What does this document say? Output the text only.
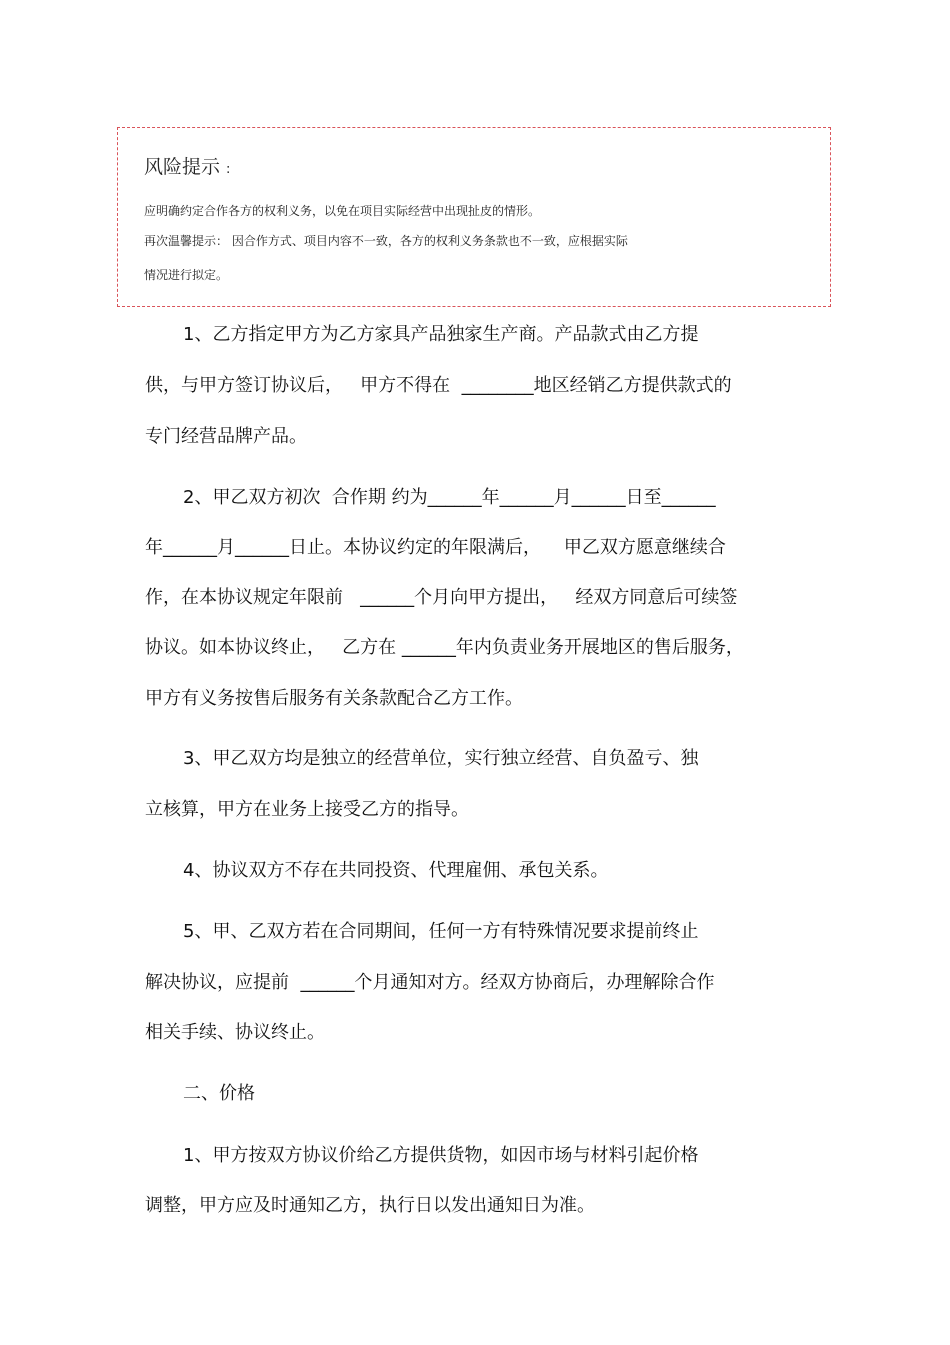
风险提示 :
应明确约定合作各方的权利义务，以免在项目实际经营中出现扯皮的情形。
再次温馨提示： 因合作方式、项目内容不一致，各方的权利义务条款也不一致，应根据实际
情况进行拟定。
1、乙方指定甲方为乙方家具产品独家生产商。产品款式由乙方提
供，与甲方签订协议后，   甲方不得在  ________地区经销乙方提供款式的
专门经营品牌产品。
2、甲乙双方初次  合作期 约为______年______月______日至______
年______月______日止。本协议约定的年限满后，    甲乙双方愿意继续合
作，在本协议规定年限前   ______个月向甲方提出，   经双方同意后可续签
协议。如本协议终止，   乙方在 ______年内负责业务开展地区的售后服务，
甲方有义务按售后服务有关条款配合乙方工作。
3、甲乙双方均是独立的经营单位，实行独立经营、自负盈亏、独
立核算，甲方在业务上接受乙方的指导。
4、协议双方不存在共同投资、代理雇佣、承包关系。
5、甲、乙双方若在合同期间，任何一方有特殊情况要求提前终止
解决协议，应提前  ______个月通知对方。经双方协商后，办理解除合作
相关手续、协议终止。
二、价格
1、甲方按双方协议价给乙方提供货物，如因市场与材料引起价格
调整，甲方应及时通知乙方，执行日以发出通知日为准。
